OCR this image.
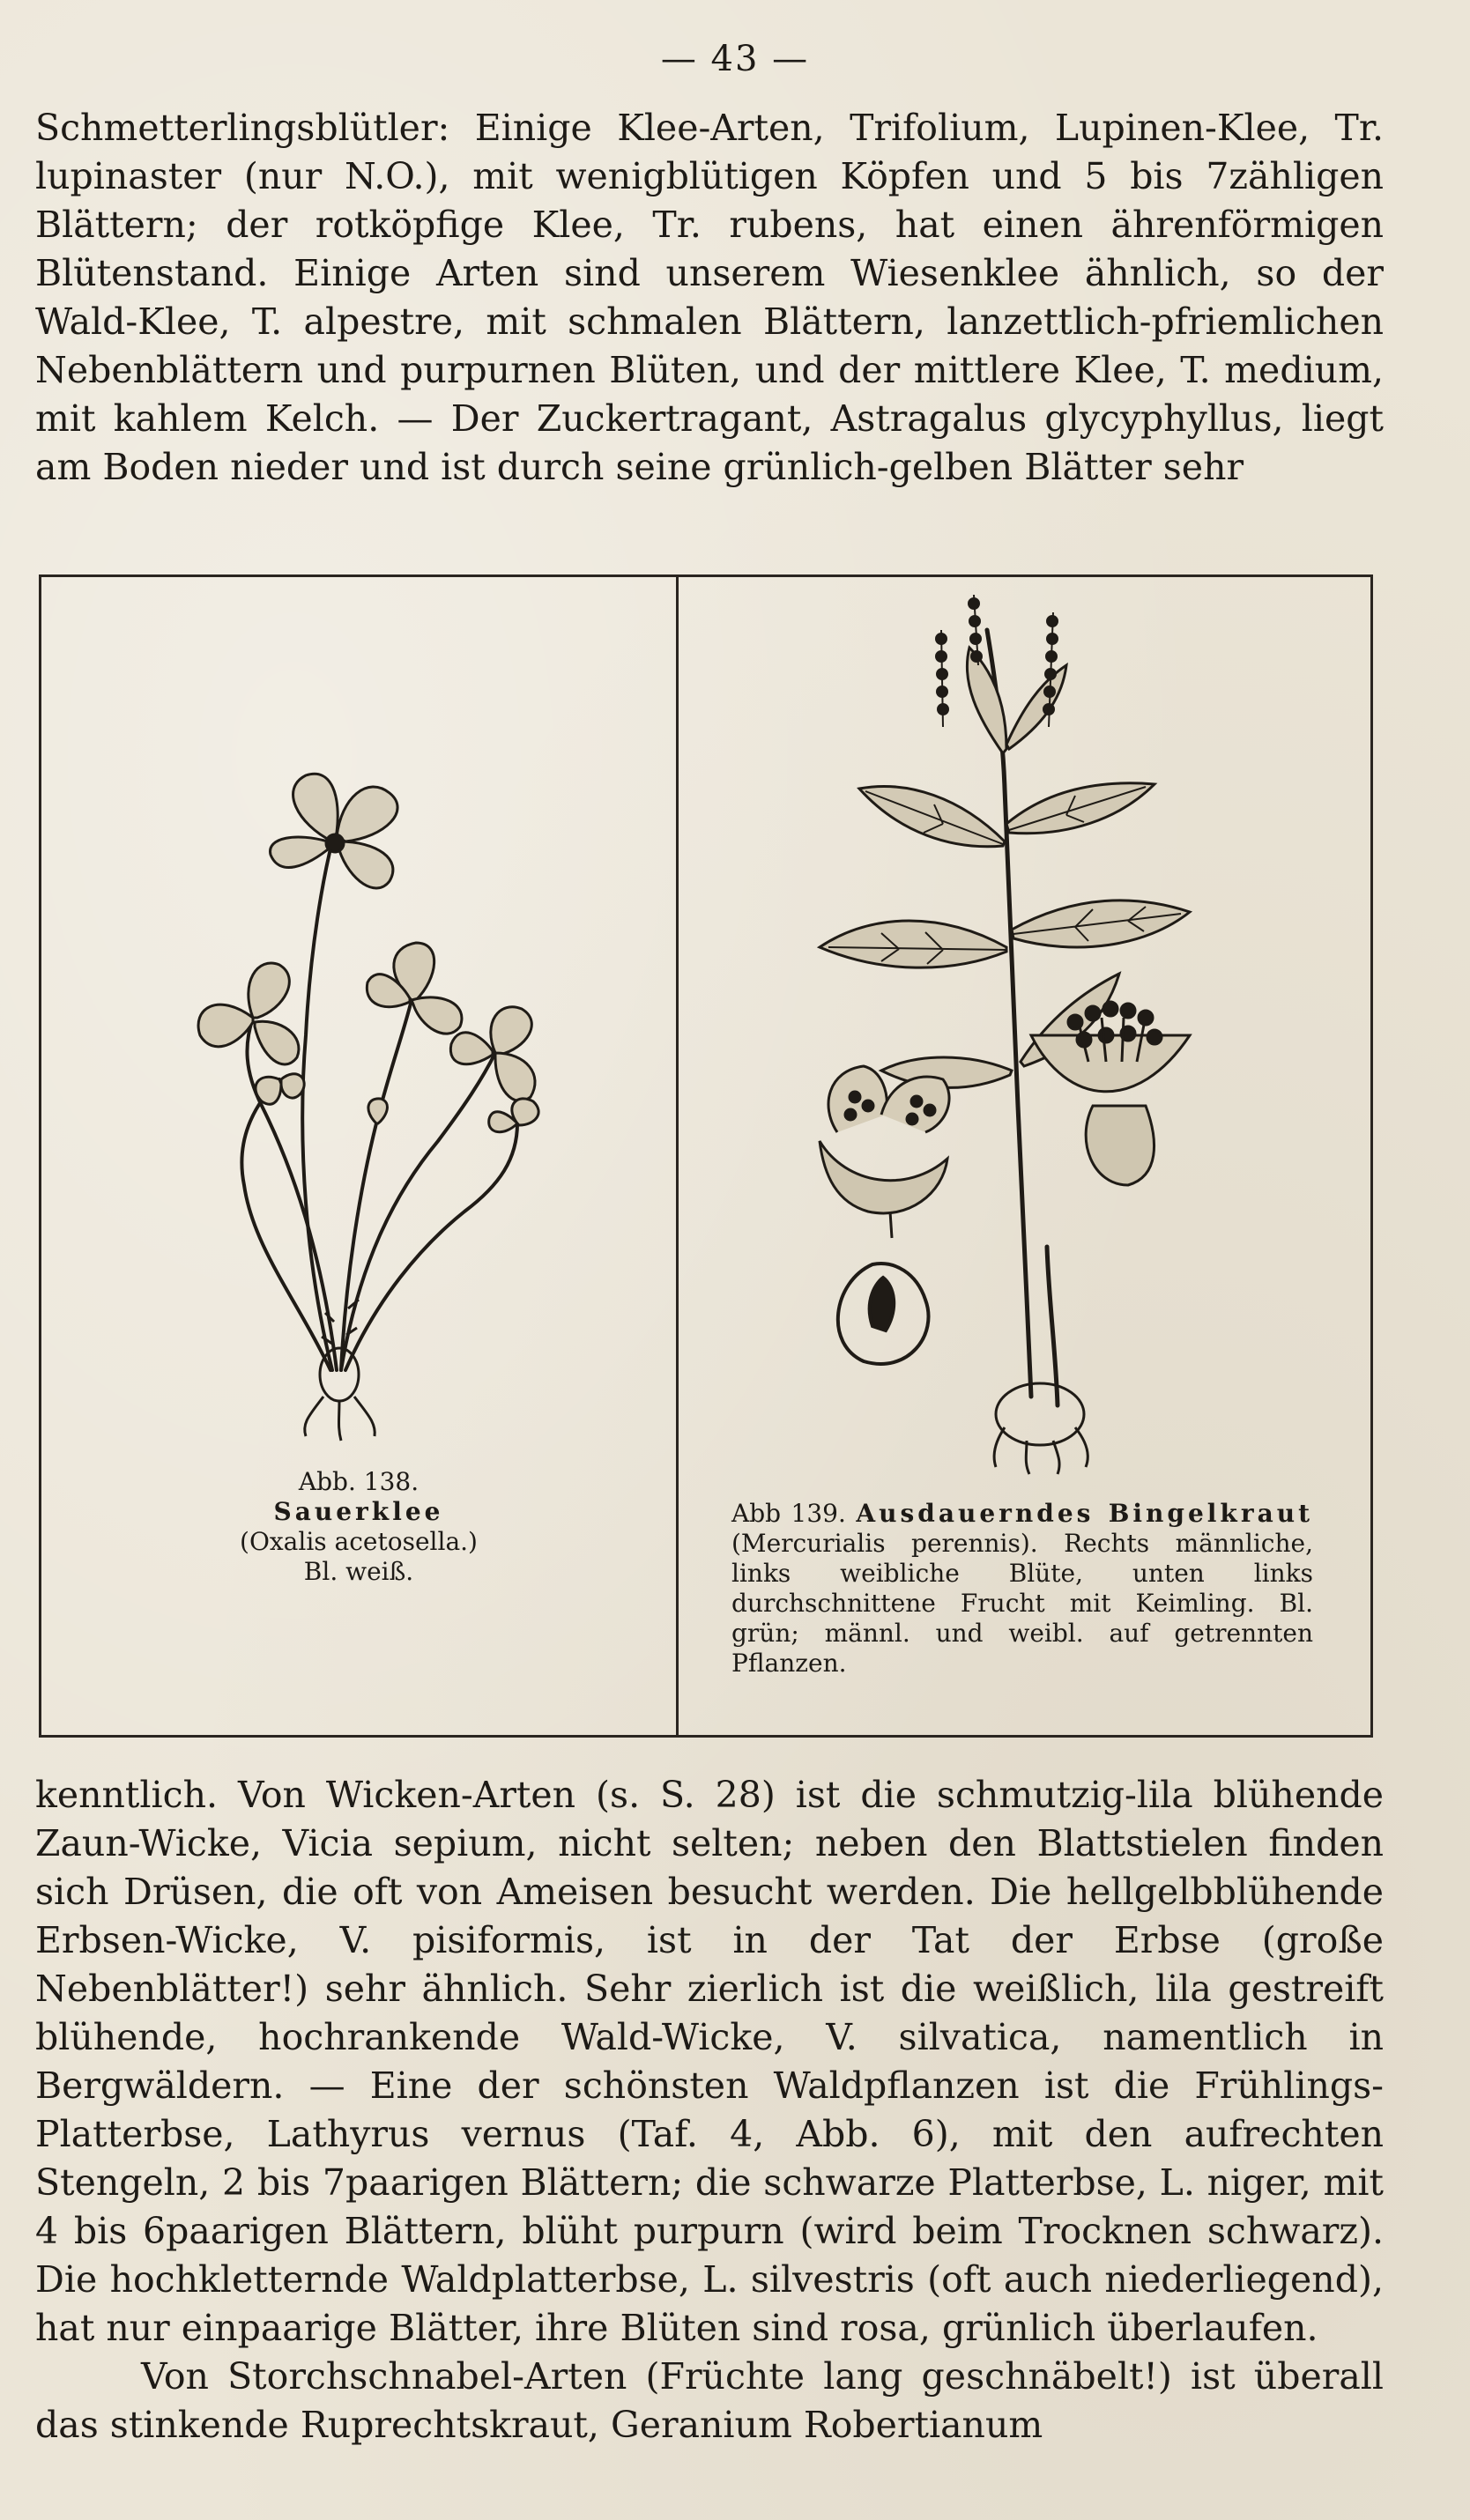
— 43 —

Schmetterlingsblütler: Einige Klee-Arten, Trifolium, Lupinen-Klee, Tr. lupinaster (nur N.O.), mit wenigblütigen Köpfen und 5 bis 7zähligen Blättern; der rotköpfige Klee, Tr. rubens, hat einen ährenförmigen Blütenstand. Einige Arten sind unserem Wiesenklee ähnlich, so der Wald-Klee, T. alpestre, mit schmalen Blättern, lanzettlich-pfriemlichen Nebenblättern und purpurnen Blüten, und der mittlere Klee, T. medium, mit kahlem Kelch. — Der Zuckertragant, Astragalus glycyphyllus, liegt am Boden nieder und ist durch seine grünlich-gelben Blätter sehr

Abb. 138.
Sauerklee
(Oxalis acetosella.)
Bl. weiß.
Abb 139. Ausdauerndes Bingelkraut (Mercurialis perennis). Rechts männliche, links weibliche Blüte, unten links durchschnittene Frucht mit Keimling. Bl. grün; männl. und weibl. auf getrennten Pflanzen.

kenntlich. Von Wicken-Arten (s. S. 28) ist die schmutzig-lila blühende Zaun-Wicke, Vicia sepium, nicht selten; neben den Blattstielen finden sich Drüsen, die oft von Ameisen besucht werden. Die hellgelbblühende Erbsen-Wicke, V. pisiformis, ist in der Tat der Erbse (große Nebenblätter!) sehr ähnlich. Sehr zierlich ist die weißlich, lila gestreift blühende, hochrankende Wald-Wicke, V. silvatica, namentlich in Bergwäldern. — Eine der schönsten Waldpflanzen ist die Frühlings-Platterbse, Lathyrus vernus (Taf. 4, Abb. 6), mit den aufrechten Stengeln, 2 bis 7paarigen Blättern; die schwarze Platterbse, L. niger, mit 4 bis 6paarigen Blättern, blüht purpurn (wird beim Trocknen schwarz). Die hochkletternde Waldplatterbse, L. silvestris (oft auch niederliegend), hat nur einpaarige Blätter, ihre Blüten sind rosa, grünlich überlaufen.

Von Storchschnabel-Arten (Früchte lang geschnäbelt!) ist überall das stinkende Ruprechtskraut, Geranium Robertianum
